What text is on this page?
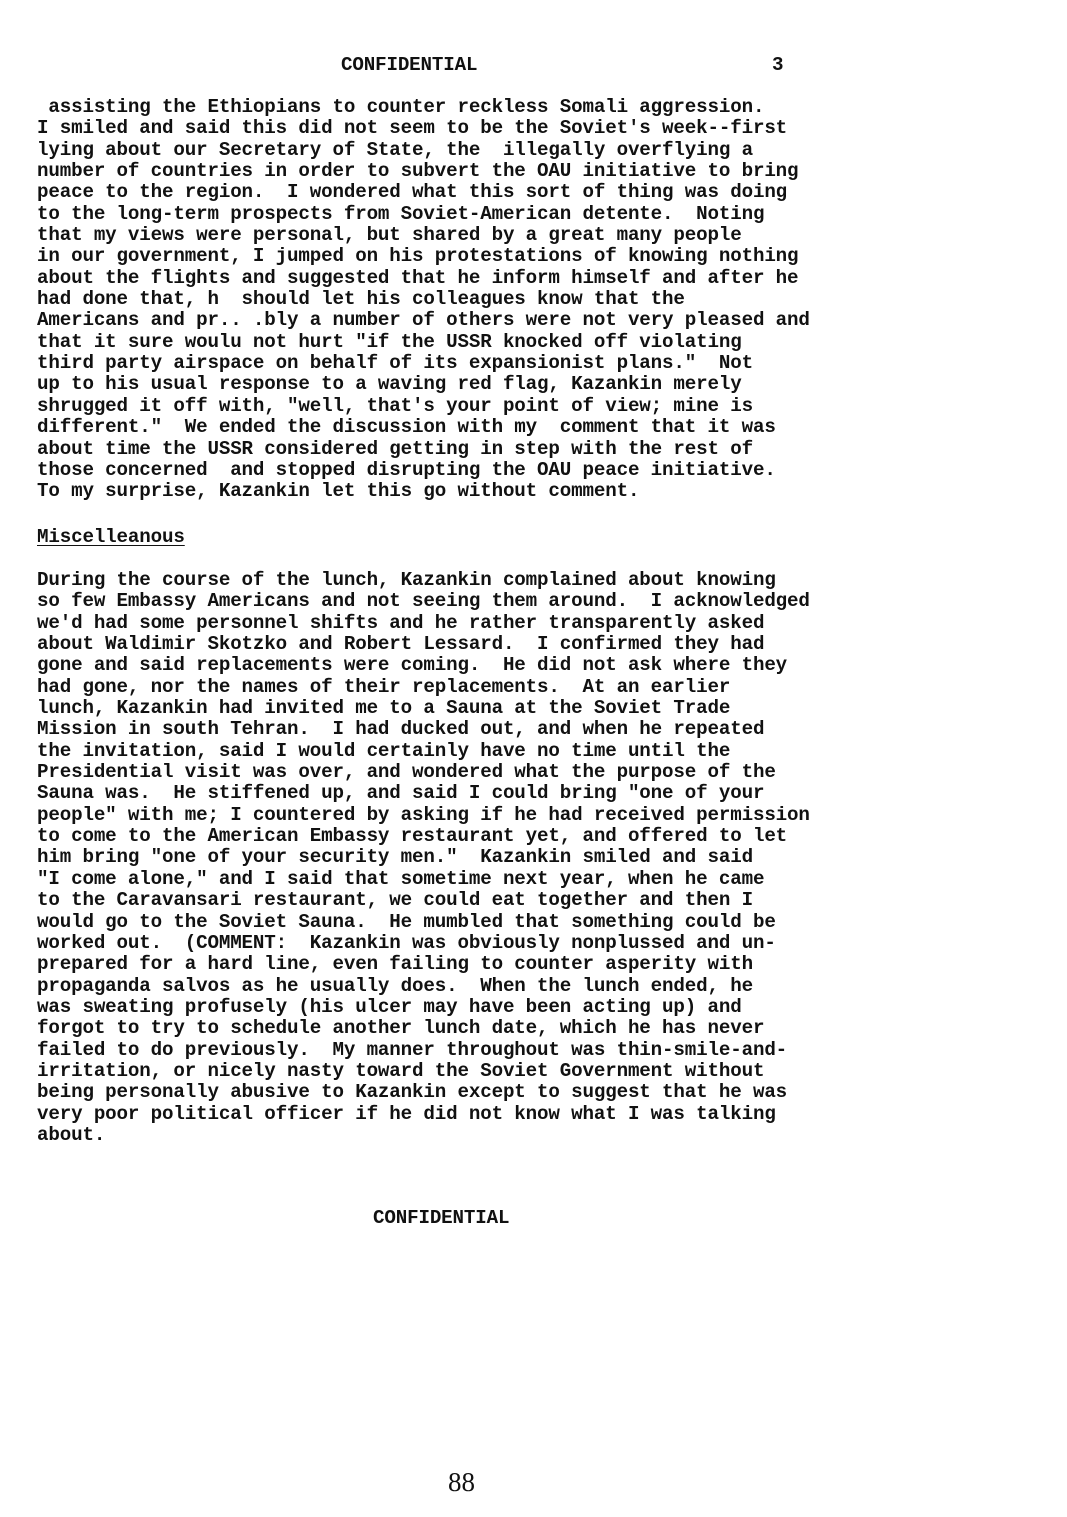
CONFIDENTIAL	3
assisting the Ethiopians to counter reckless Somali aggression.
I smiled and said this did not seem to be the Soviet's week--first
lying about our Secretary of State, the  illegally overflying a
number of countries in order to subvert the OAU initiative to bring
peace to the region.  I wondered what this sort of thing was doing
to the long-term prospects from Soviet-American detente.  Noting
that my views were personal, but shared by a great many people
in our government, I jumped on his protestations of knowing nothing
about the flights and suggested that he inform himself and after he
had done that, h  should let his colleagues know that the
Americans and pr.. .bly a number of others were not very pleased and
that it sure woulu not hurt "if the USSR knocked off violating
third party airspace on behalf of its expansionist plans."  Not
up to his usual response to a waving red flag, Kazankin merely
shrugged it off with, "well, that's your point of view; mine is
different."  We ended the discussion with my  comment that it was
about time the USSR considered getting in step with the rest of
those concerned  and stopped disrupting the OAU peace initiative.
To my surprise, Kazankin let this go without comment.
Miscelleanous
During the course of the lunch, Kazankin complained about knowing
so few Embassy Americans and not seeing them around.  I acknowledged
we'd had some personnel shifts and he rather transparently asked
about Waldimir Skotzko and Robert Lessard.  I confirmed they had
gone and said replacements were coming.  He did not ask where they
had gone, nor the names of their replacements.  At an earlier
lunch, Kazankin had invited me to a Sauna at the Soviet Trade
Mission in south Tehran.  I had ducked out, and when he repeated
the invitation, said I would certainly have no time until the
Presidential visit was over, and wondered what the purpose of the
Sauna was.  He stiffened up, and said I could bring "one of your
people" with me; I countered by asking if he had received permission
to come to the American Embassy restaurant yet, and offered to let
him bring "one of your security men."  Kazankin smiled and said
"I come alone," and I said that sometime next year, when he came
to the Caravansari restaurant, we could eat together and then I
would go to the Soviet Sauna.  He mumbled that something could be
worked out.  (COMMENT:  Kazankin was obviously nonplussed and un-
prepared for a hard line, even failing to counter asperity with
propaganda salvos as he usually does.  When the lunch ended, he
was sweating profusely (his ulcer may have been acting up) and
forgot to try to schedule another lunch date, which he has never
failed to do previously.  My manner throughout was thin-smile-and-
irritation, or nicely nasty toward the Soviet Government without
being personally abusive to Kazankin except to suggest that he was
very poor political officer if he did not know what I was talking
about.
CONFIDENTIAL
88
